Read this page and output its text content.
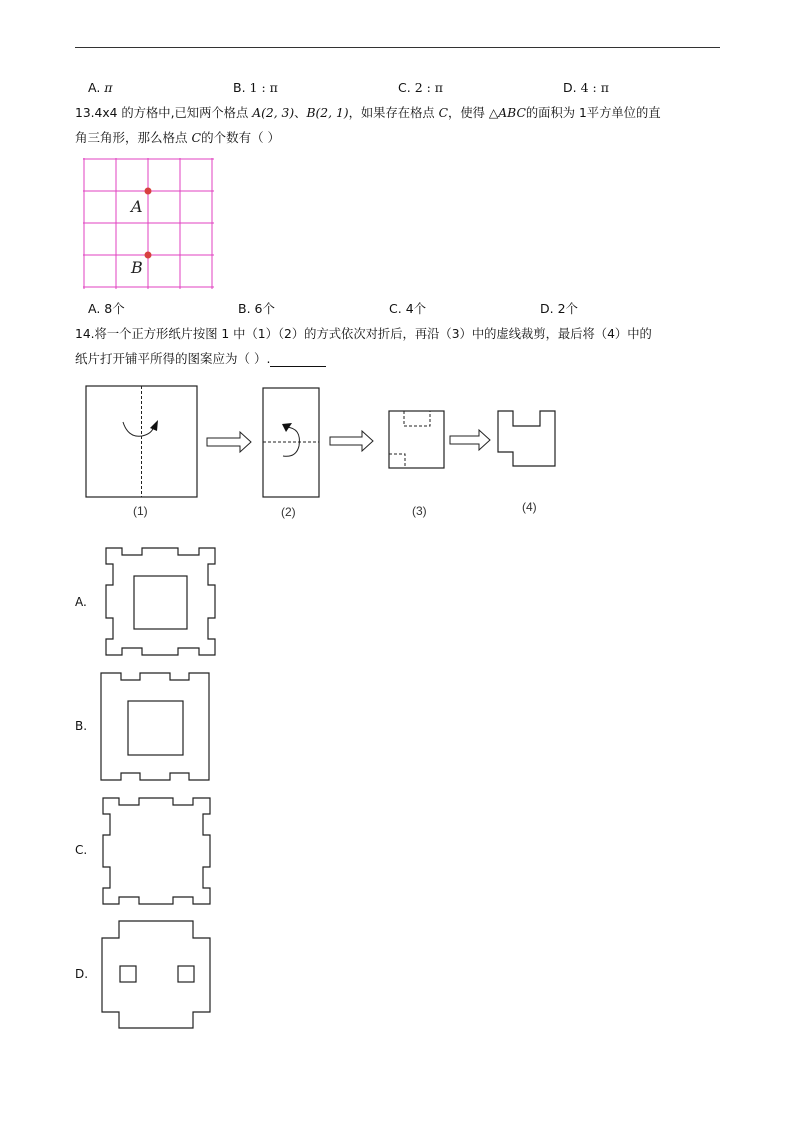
A. π	B. 1 : π	C. 2 : π	D. 4 : π
13.4x4 的方格中,已知两个格点 A(2, 3)、B(2, 1)，如果存在格点 C，使得 △ABC的面积为 1平方单位的直
角三角形，那么格点 C的个数有（ ）
A
B
A. 8个	B. 6个	C. 4个	D. 2个
14.将一个正方形纸片按图 1 中（1）（2）的方式依次对折后，再沿（3）中的虚线裁剪，最后将（4）中的
纸片打开铺平所得的图案应为（ ）.
(1)	(2)	(3)	(4)
A.
B.
C.
D.
